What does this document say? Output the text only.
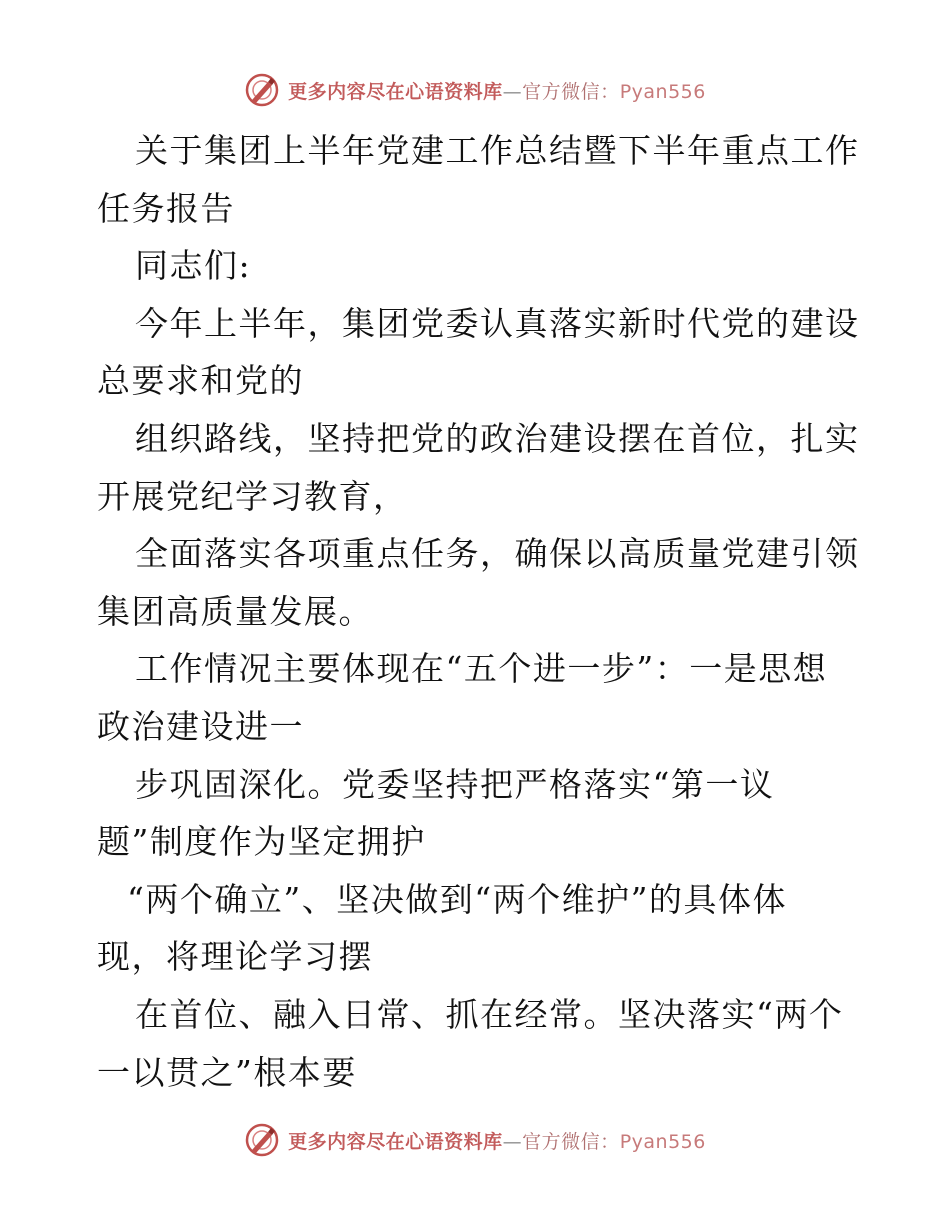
更多内容尽在心语资料库—官方微信：Pyan556
关于集团上半年党建工作总结暨下半年重点工作
任务报告
同志们:
今年上半年，集团党委认真落实新时代党的建设
总要求和党的
组织路线，坚持把党的政治建设摆在首位，扎实
开展党纪学习教育，
全面落实各项重点任务，确保以高质量党建引领
集团高质量发展。
工作情况主要体现在“五个进一步”：一是思想
政治建设进一
步巩固深化。党委坚持把严格落实“第一议
题”制度作为坚定拥护
“两个确立”、坚决做到“两个维护”的具体体
现，将理论学习摆
在首位、融入日常、抓在经常。坚决落实“两个
一以贯之”根本要
更多内容尽在心语资料库—官方微信：Pyan556
